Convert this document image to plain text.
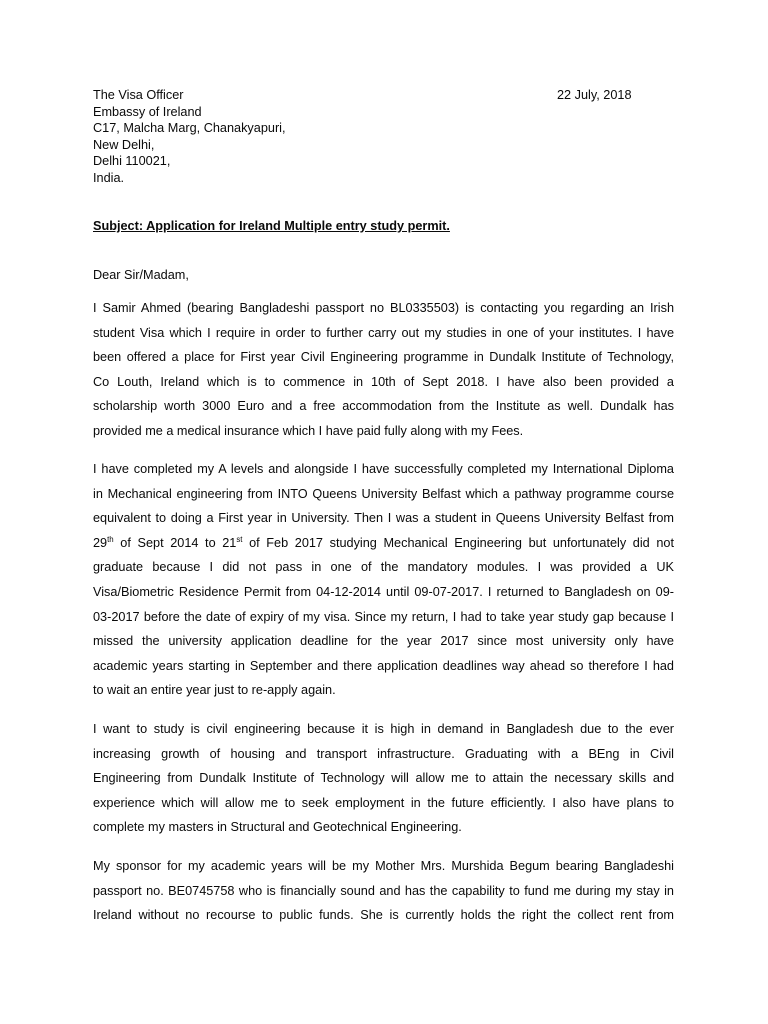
The Visa Officer
Embassy of Ireland
C17, Malcha Marg, Chanakyapuri,
New Delhi,
Delhi 110021,
India.
22 July, 2018
Subject: Application for Ireland Multiple entry study permit.
Dear Sir/Madam,
I Samir Ahmed (bearing Bangladeshi passport no BL0335503) is contacting you regarding an Irish
student Visa which I require in order to further carry out my studies in one of your institutes. I have
been offered a place for First year Civil Engineering programme in Dundalk Institute of Technology,
Co Louth, Ireland which is to commence in 10th of Sept 2018. I have also been provided a
scholarship worth 3000 Euro and a free accommodation from the Institute as well. Dundalk has
provided me a medical insurance which I have paid fully along with my Fees.
I have completed my A levels and alongside I have successfully completed my International Diploma
in Mechanical engineering from INTO Queens University Belfast which a pathway programme course
equivalent to doing a First year in University. Then I was a student in Queens University Belfast from
29th of Sept 2014 to 21st of Feb 2017 studying Mechanical Engineering but unfortunately did not
graduate because I did not pass in one of the mandatory modules. I was provided a UK
Visa/Biometric Residence Permit from 04-12-2014 until 09-07-2017. I returned to Bangladesh on 09-
03-2017 before the date of expiry of my visa. Since my return, I had to take year study gap because I
missed the university application deadline for the year 2017 since most university only have
academic years starting in September and there application deadlines way ahead so therefore I had
to wait an entire year just to re-apply again.
I want to study is civil engineering because it is high in demand in Bangladesh due to the ever
increasing growth of housing and transport infrastructure. Graduating with a BEng in Civil
Engineering from Dundalk Institute of Technology will allow me to attain the necessary skills and
experience which will allow me to seek employment in the future efficiently. I also have plans to
complete my masters in Structural and Geotechnical Engineering.
My sponsor for my academic years will be my Mother Mrs. Murshida Begum bearing Bangladeshi
passport no. BE0745758 who is financially sound and has the capability to fund me during my stay in
Ireland without no recourse to public funds. She is currently holds the right the collect rent from
